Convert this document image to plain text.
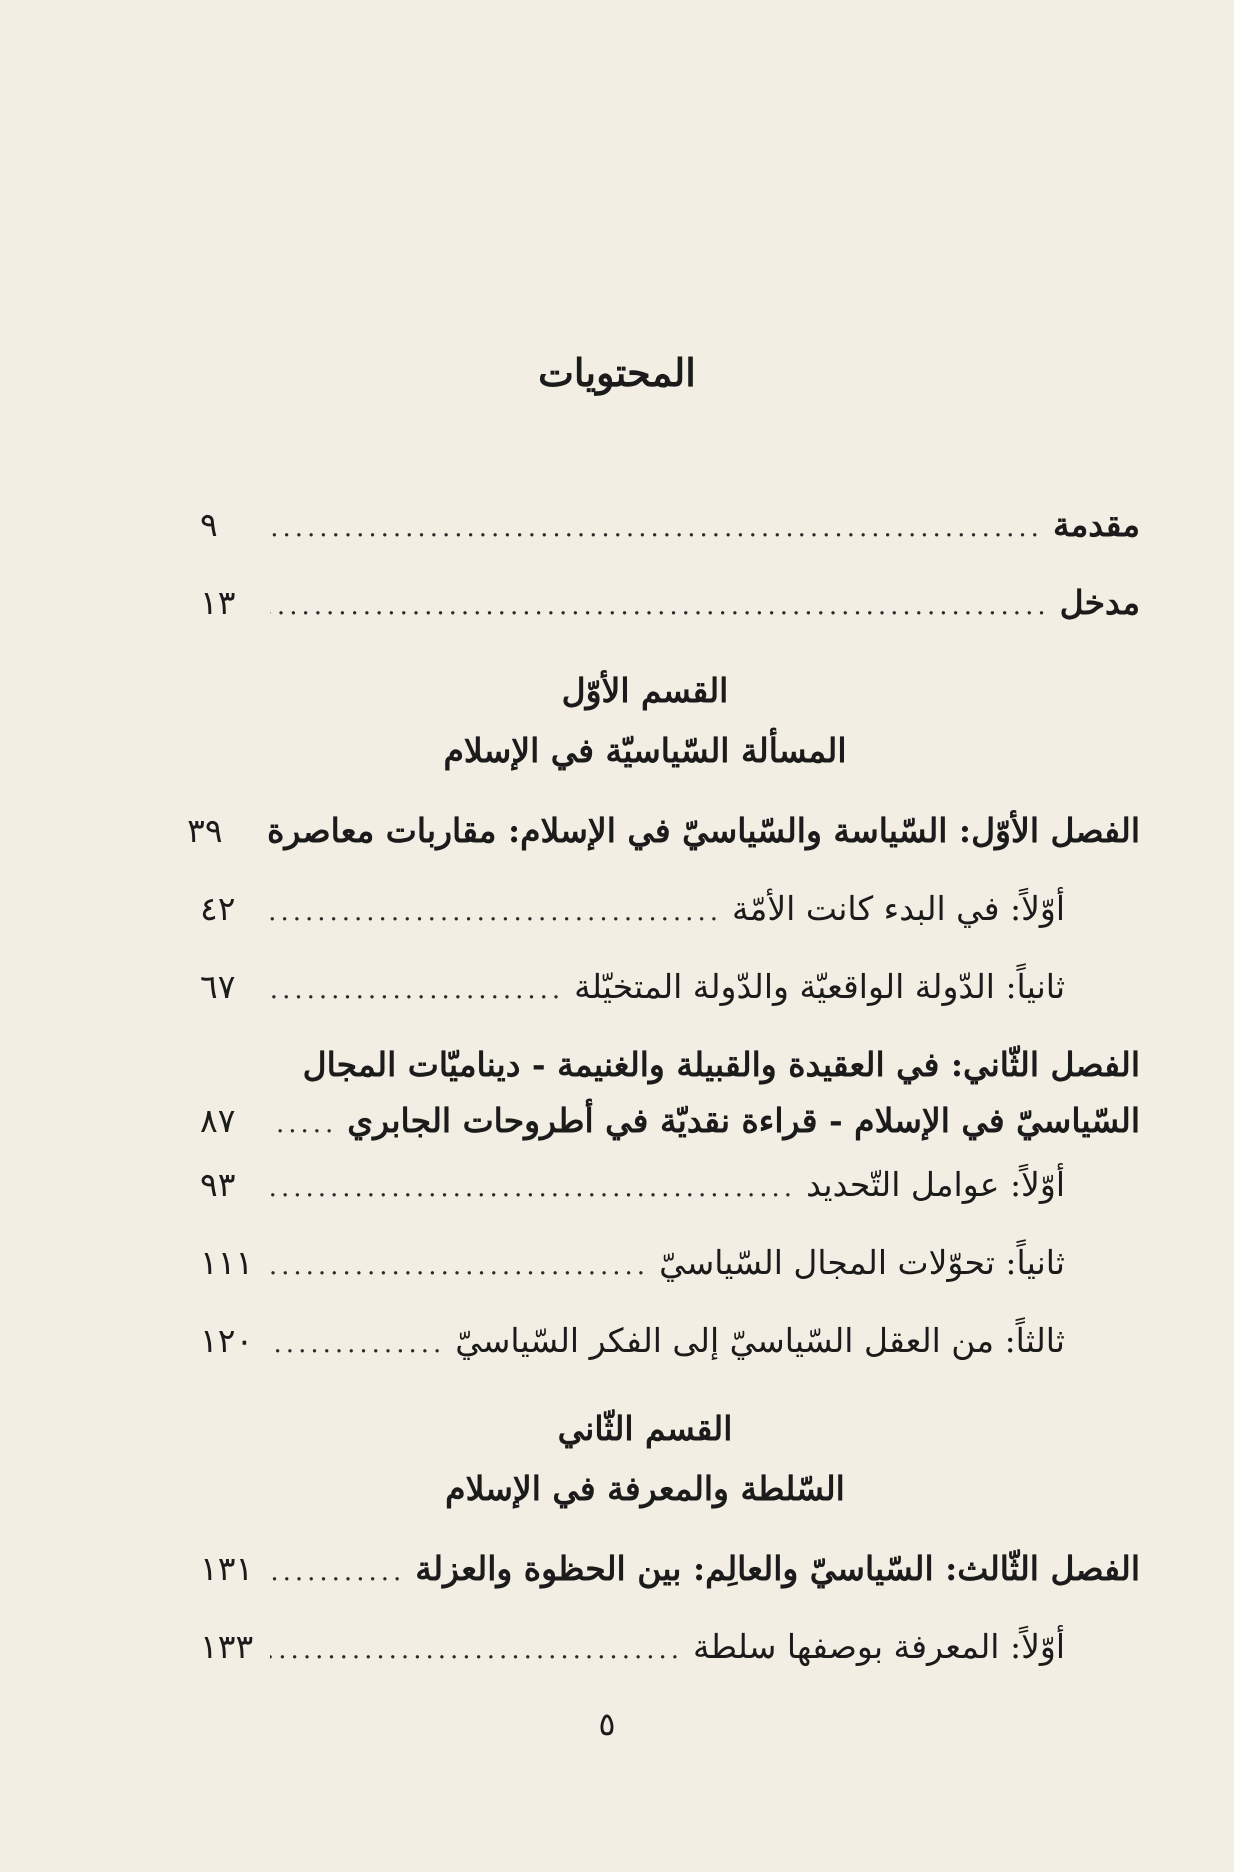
المحتويات
مقدمة
.....
٩
مدخل
.....
١٣
القسم الأوّل
المسألة السّياسيّة في الإسلام
الفصل الأوّل: السّياسة والسّياسيّ في الإسلام: مقاربات معاصرة
٣٩
أوّلاً: في البدء كانت الأمّة
.....
٤٢
ثانياً: الدّولة الواقعيّة والدّولة المتخيّلة
.....
٦٧
الفصل الثّاني: في العقيدة والقبيلة والغنيمة - ديناميّات المجال
السّياسيّ في الإسلام - قراءة نقديّة في أطروحات الجابري
.....
٨٧
أوّلاً: عوامل التّحديد
.....
٩٣
ثانياً: تحوّلات المجال السّياسيّ
.....
١١١
ثالثاً: من العقل السّياسيّ إلى الفكر السّياسيّ
.....
١٢٠
القسم الثّاني
السّلطة والمعرفة في الإسلام
الفصل الثّالث: السّياسيّ والعالِم: بين الحظوة والعزلة
.....
١٣١
أوّلاً: المعرفة بوصفها سلطة
.....
١٣٣
٥
